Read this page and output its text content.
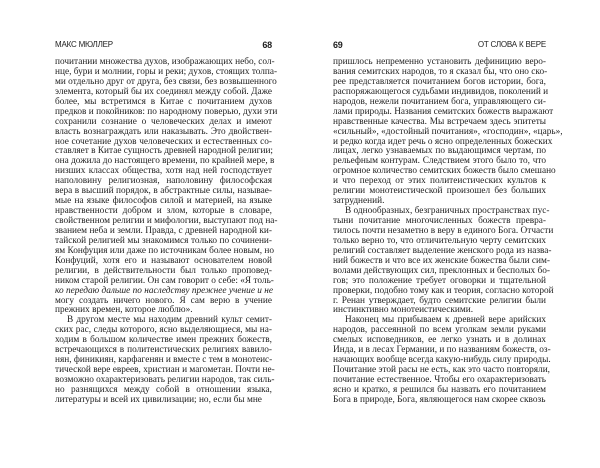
МАКС МЮЛЛЕР	68
почитании множества духов, изображающих небо, сол-
нце, бури и молнии, горы и реки; духов, стоящих толпа-
ми отдельно друг от друга, без связи, без возвышенного
элемента, который бы их соединял между собой. Даже
более, мы встретимся в Китае с почитанием духов
предков и покойников: по народному поверью, духи эти
сохранили сознание о человеческих делах и имеют
власть вознаграждать или наказывать. Это двойствен-
ное сочетание духов человеческих и естественных со-
ставляет в Китае сущность древней народной религии;
она дожила до настоящего времени, по крайней мере, в
низших классах общества, хотя над ней господствует
наполовину религиозная, наполовину философская
вера в высший порядок, в абстрактные силы, называе-
мые на языке философов силой и материей, на языке
нравственности добром и злом, которые в словаре,
свойственном религии и мифологии, выступают под на-
званием неба и земли. Правда, с древней народной ки-
тайской религией мы знакомимся только по сочинени-
ям Конфуция или даже по источникам более новым, но
Конфуций, хотя его и называют основателем новой
религии, в действительности был только проповед-
ником старой религии. Он сам говорит о себе: «Я толь-
ко передаю дальше по наследству прежнее учение и не
могу создать ничего нового. Я сам верю в учение
прежних времен, которое люблю».
В другом месте мы находим древний культ семит-
ских рас, следы которого, ясно выделяющиеся, мы на-
ходим в большом количестве имен прежних божеств,
встречающихся в политеистических религиях вавило-
нян, финикиян, карфагенян и вместе с тем в монотеис-
тической вере евреев, христиан и магометан. Почти не-
возможно охарактеризовать религии народов, так силь-
но разнящихся между собой в отношении языка,
литературы и всей их цивилизации; но, если бы мне
69	ОТ СЛОВА К ВЕРЕ
пришлось непременно установить дефиницию веро-
вания семитских народов, то я сказал бы, что оно ско-
рее представляется почитанием богов истории, бога,
распоряжающегося судьбами индивидов, поколений и
народов, нежели почитанием бога, управляющего си-
лами природы. Названия семитских божеств выражают
нравственные качества. Мы встречаем здесь эпитеты
«сильный», «достойный почитания», «господин», «царь»,
и редко когда идет речь о ясно определенных божеских
лицах, легко узнаваемых по выдающимся чертам, по
рельефным контурам. Следствием этого было то, что
огромное количество семитских божеств было смешано
и что переход от этих политеистических культов к
религии монотеистической произошел без больших
затруднений.
В однообразных, безграничных пространствах пус-
тыни почитание многочисленных божеств превра-
тилось почти незаметно в веру в единого Бога. Отчасти
только верно то, что отличительную черту семитских
религий составляет выделение женского рода из назва-
ний божеств и что все их женские божества были сим-
волами действующих сил, преклонных и бесполых бо-
гов; это положение требует оговорки и тщательной
проверки, подобно тому как и теория, согласно которой
г. Ренан утверждает, будто семитские религии были
инстинктивно монотеистическими.
Наконец мы прибываем к древней вере арийских
народов, рассеянной по всем уголкам земли руками
смелых исповедников, ее легко узнать и в долинах
Инда, и в лесах Германии, и по названиям божеств, оз-
начающих вообще всегда какую-нибудь силу природы.
Почитание этой расы не есть, как это часто повторяли,
почитание естественное. Чтобы его охарактеризовать
ясно и кратко, я решился бы назвать его почитанием
Бога в природе, Бога, являющегося нам скорее сквозь
